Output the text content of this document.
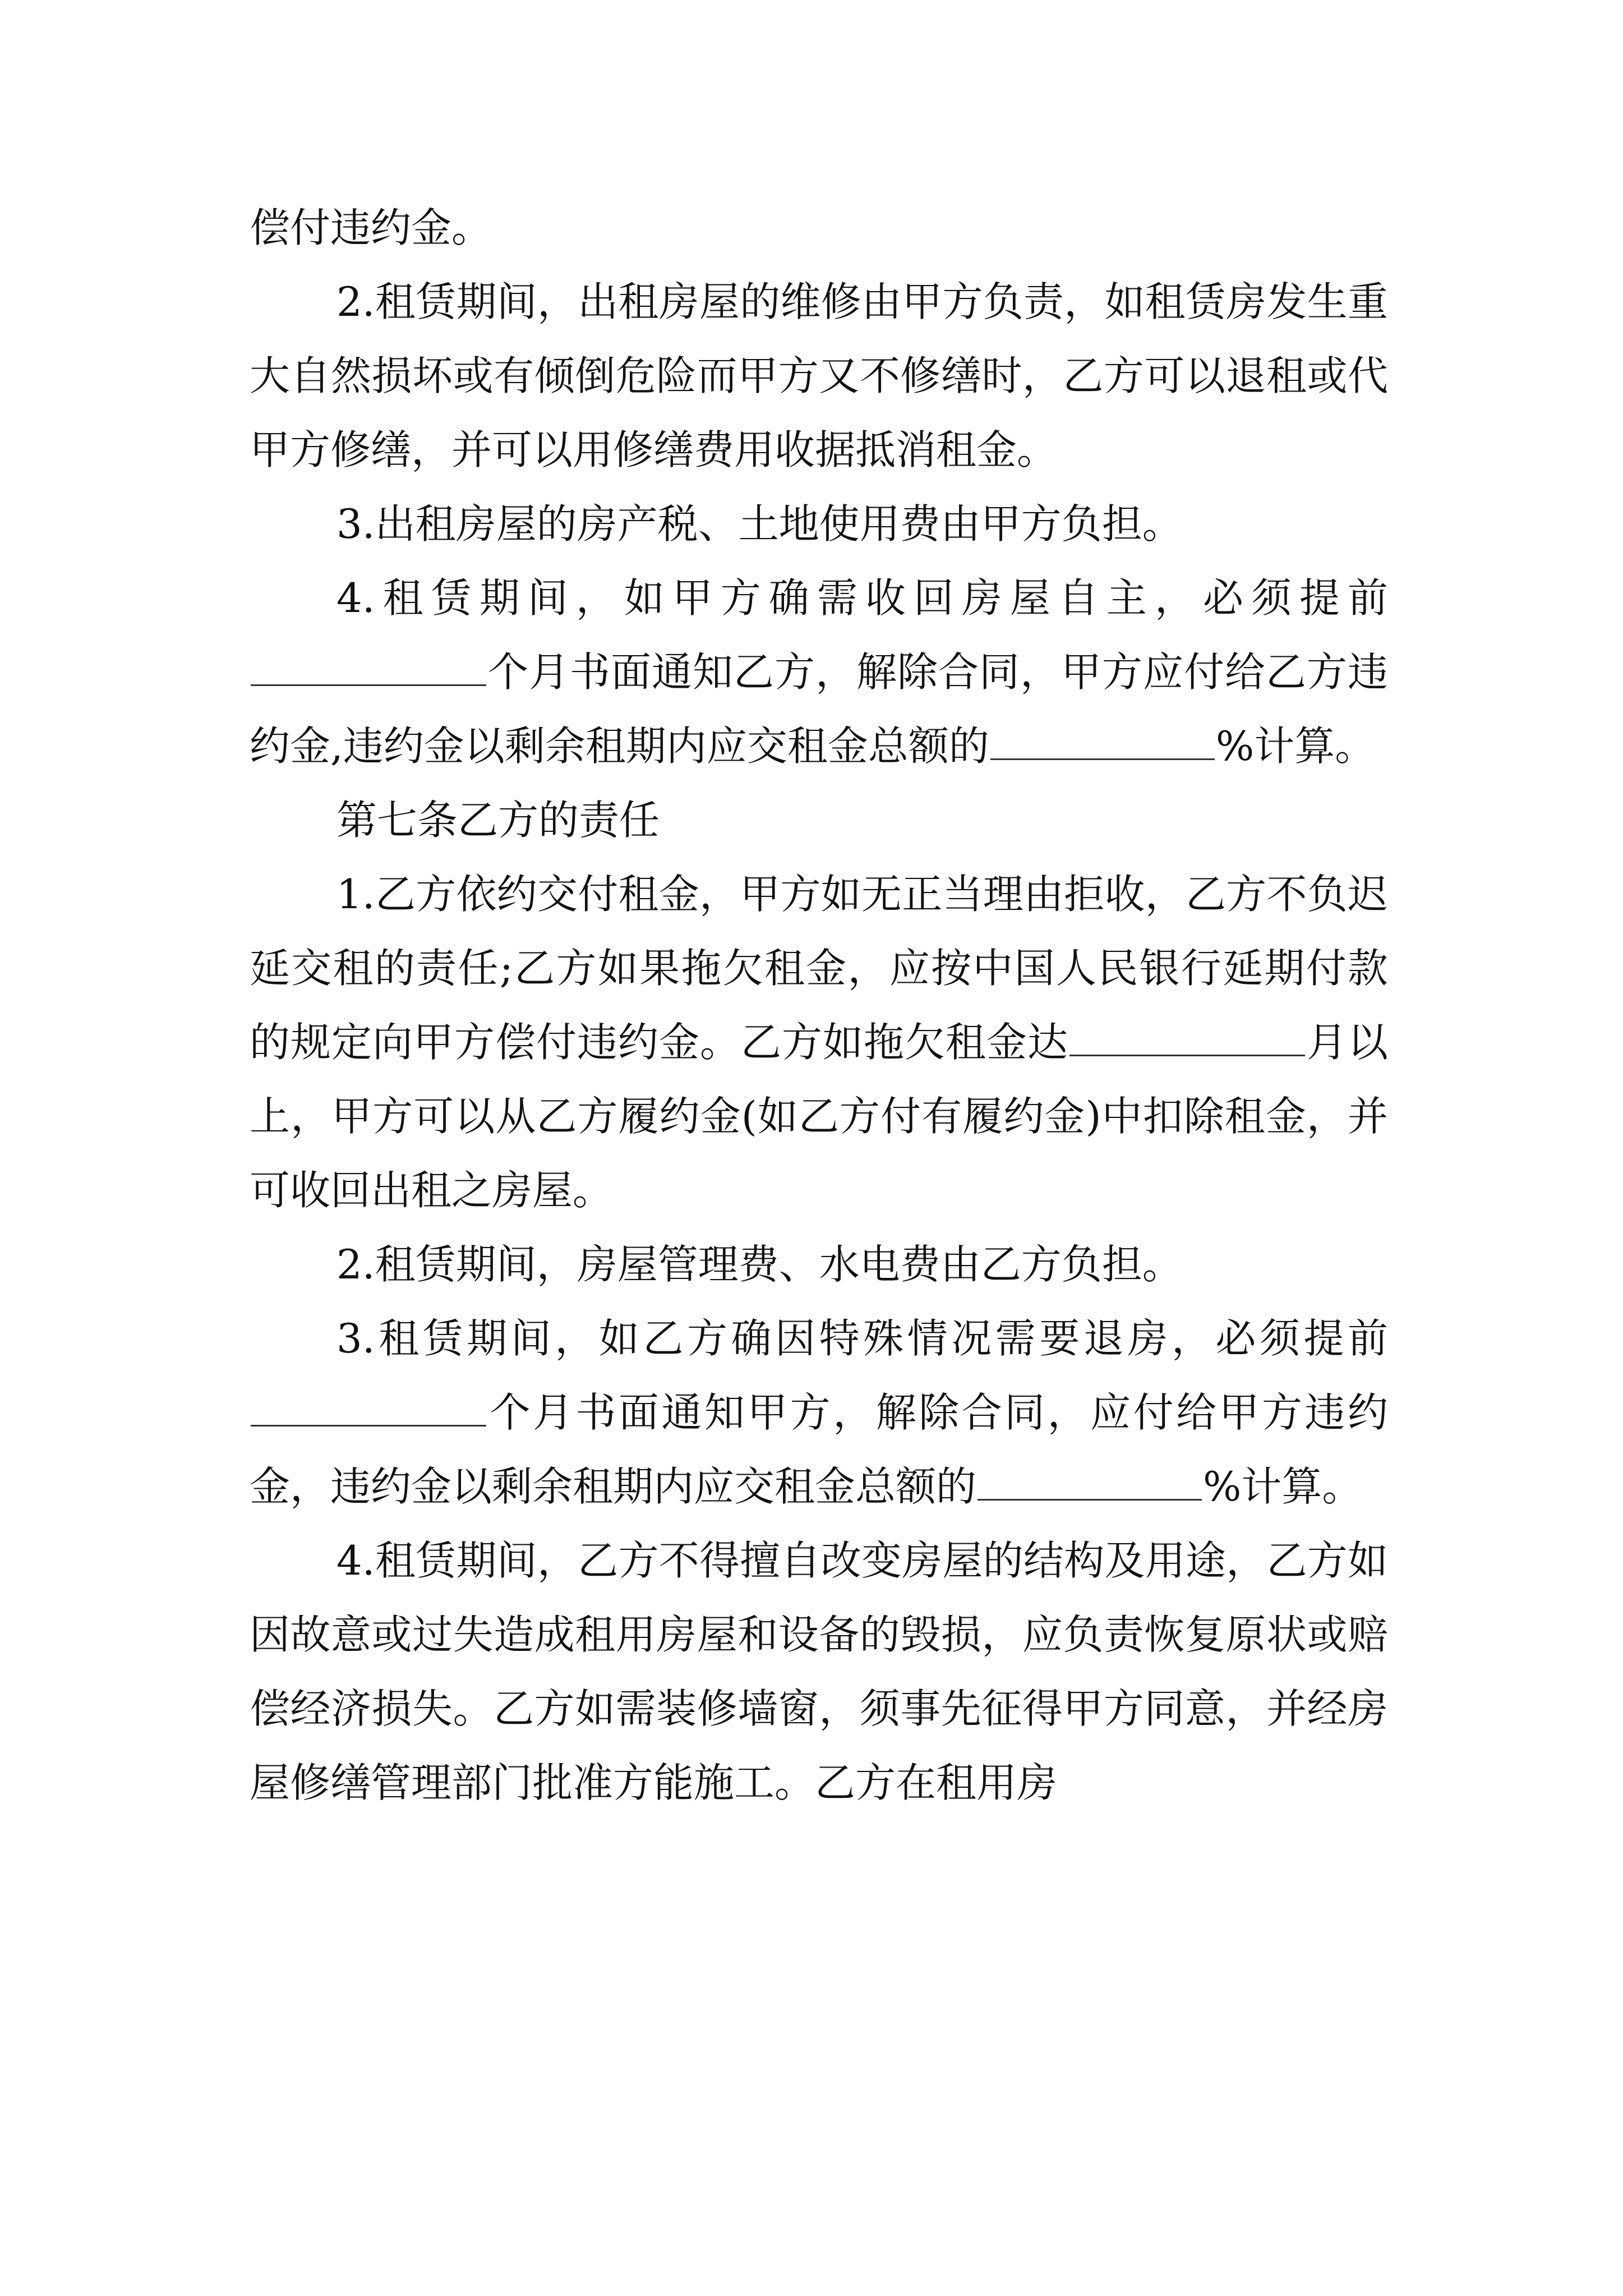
偿付违约金。

2.租赁期间，出租房屋的维修由甲方负责，如租赁房发生重大自然损坏或有倾倒危险而甲方又不修缮时，乙方可以退租或代甲方修缮，并可以用修缮费用收据抵消租金。

3.出租房屋的房产税、土地使用费由甲方负担。

4.租赁期间，如甲方确需收回房屋自主，必须提前个月书面通知乙方，解除合同，甲方应付给乙方违约金,违约金以剩余租期内应交租金总额的	%计算。

第七条乙方的责任

1.乙方依约交付租金，甲方如无正当理由拒收，乙方不负迟延交租的责任;乙方如果拖欠租金，应按中国人民银行延期付款的规定向甲方偿付违约金。乙方如拖欠租金达	月以上，甲方可以从乙方履约金(如乙方付有履约金)中扣除租金，并可收回出租之房屋。

2.租赁期间，房屋管理费、水电费由乙方负担。

3.租赁期间，如乙方确因特殊情况需要退房，必须提前个月书面通知甲方，解除合同，应付给甲方违约金，违约金以剩余租期内应交租金总额的	%计算。

4.租赁期间，乙方不得擅自改变房屋的结构及用途，乙方如因故意或过失造成租用房屋和设备的毁损，应负责恢复原状或赔偿经济损失。乙方如需装修墙窗，须事先征得甲方同意，并经房屋修缮管理部门批准方能施工。乙方在租用房
